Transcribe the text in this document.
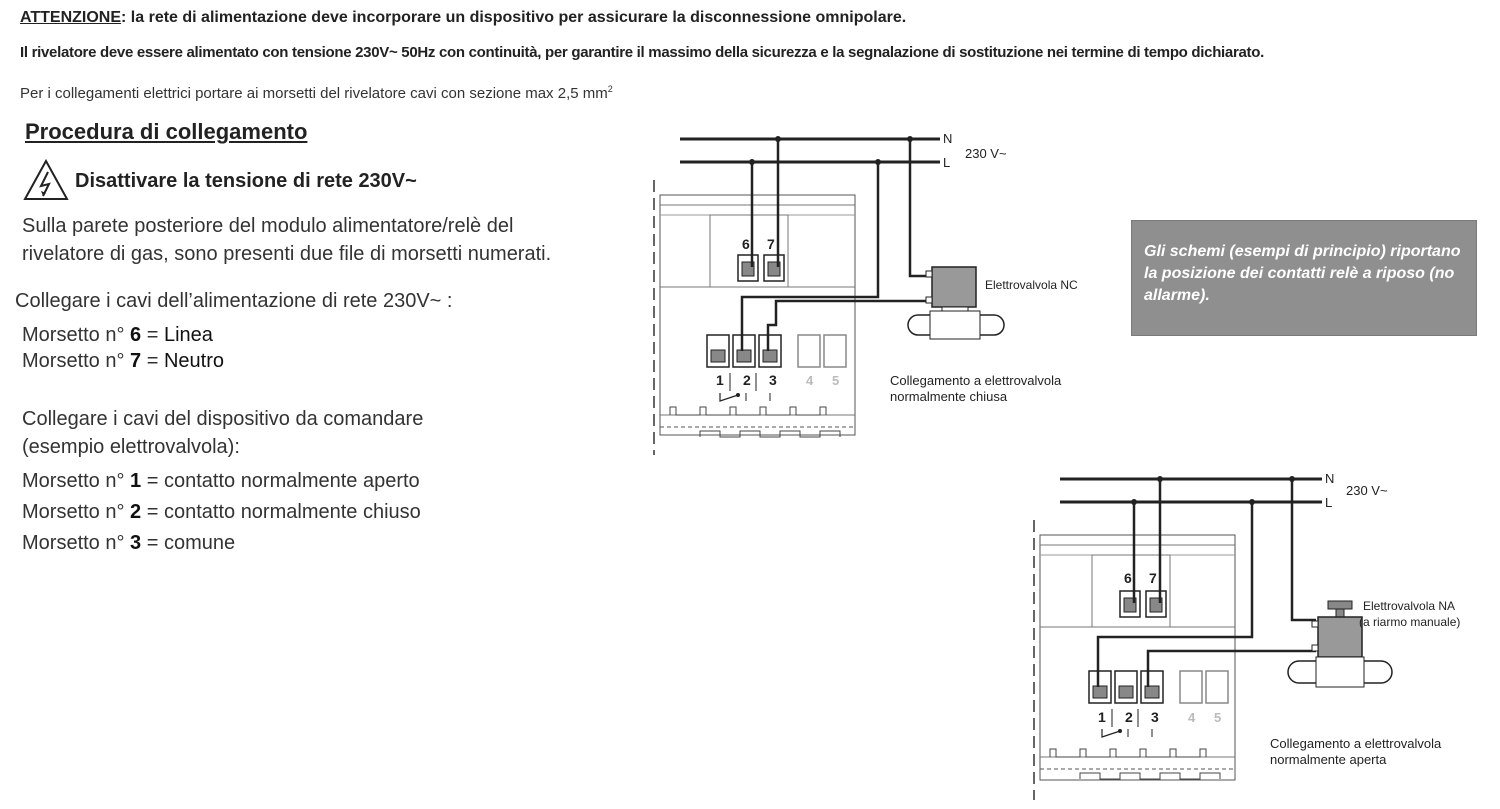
ATTENZIONE: la rete di alimentazione deve incorporare un dispositivo per assicurare la disconnessione omnipolare.
Il rivelatore deve essere alimentato con tensione 230V~ 50Hz con continuità, per garantire il massimo della sicurezza e la segnalazione di sostituzione nei termine di tempo dichiarato.
Per i collegamenti elettrici portare ai morsetti del rivelatore cavi con sezione max 2,5 $mm^2$
Procedura di collegamento
Disattivare la tensione di rete 230V~
Sulla parete posteriore del modulo alimentatore/relè del
rivelatore di gas, sono presenti due file di morsetti numerati.
Collegare i cavi dell’alimentazione di rete 230V~ :
Morsetto n° 6 = Linea
Morsetto n° 7 = Neutro
Collegare i cavi del dispositivo da comandare
(esempio elettrovalvola):
Morsetto n° 1 = contatto normalmente aperto
Morsetto n° 2 = contatto normalmente chiuso
Morsetto n° 3 = comune
Gli schemi (esempi di principio) riportano la posizione dei contatti relè a riposo (no allarme).
N
L
230 V~
6 7
1 2 3 4 5
Elettrovalvola NC
Collegamento a elettrovalvola
normalmente chiusa
N
L
230 V~
6 7
1 2 3 4 5
Elettrovalvola NA
(a riarmo manuale)
Collegamento a elettrovalvola
normalmente aperta
